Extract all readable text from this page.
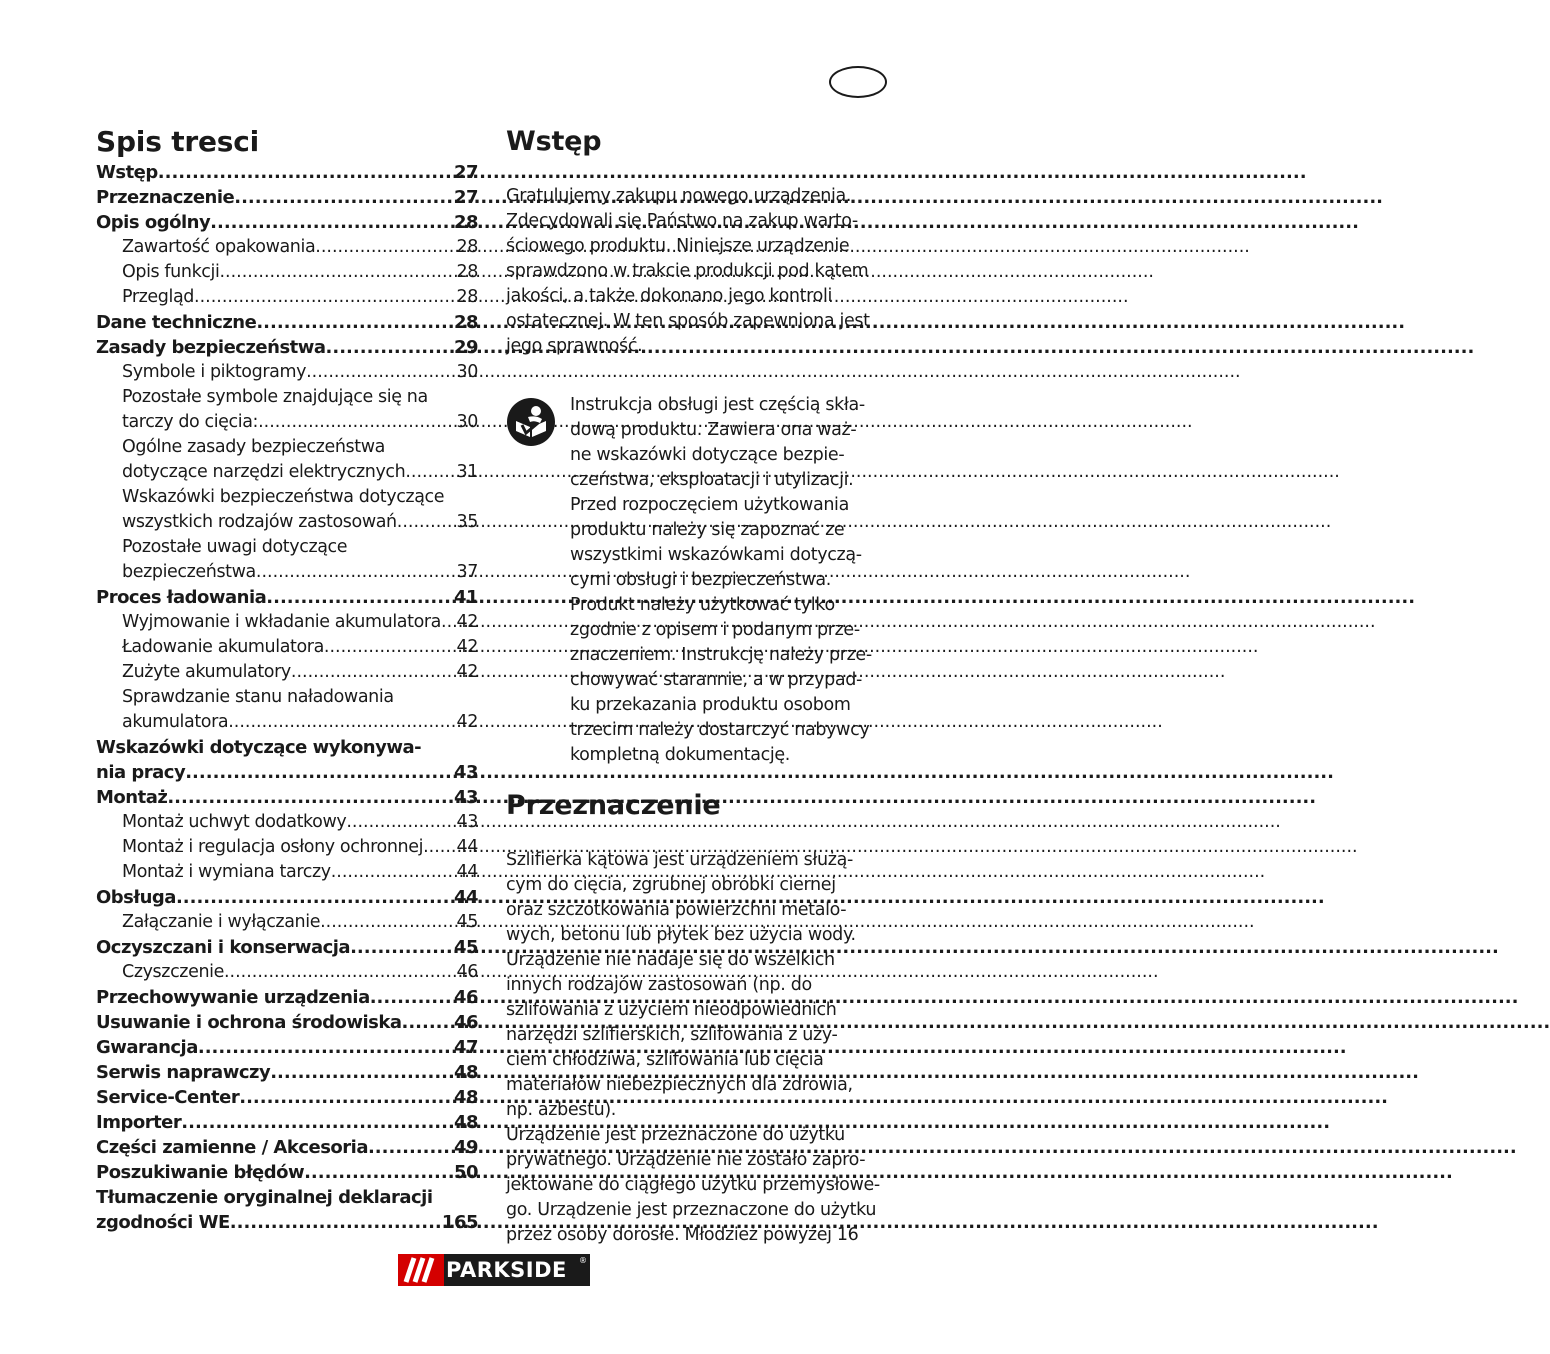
Spis tresci
Wstęp .....	27
Przeznaczenie .....	27
Opis ogólny .....	28
Zawartość opakowania .....	28
Opis funkcji .....	28
Przegląd .....	28
Dane techniczne .....	28
Zasady bezpieczeństwa .....	29
Symbole i piktogramy .....	30
Pozostałe symbole znajdujące się na
tarczy do cięcia: .....	30
Ogólne zasady bezpieczeństwa
dotyczące narzędzi elektrycznych .....	31
Wskazówki bezpieczeństwa dotyczące
wszystkich rodzajów zastosowań .....	35
Pozostałe uwagi dotyczące
bezpieczeństwa .....	37
Proces ładowania .....	41
Wyjmowanie i wkładanie akumulatora ..... 42
Ładowanie akumulatora .....	42
Zużyte akumulatory .....	42
Sprawdzanie stanu naładowania
akumulatora .....	42
Wskazówki dotyczące wykonywa-
nia pracy .....	43
Montaż .....	43
Montaż uchwyt dodatkowy .....	43
Montaż i regulacja osłony ochronnej ..... 44
Montaż i wymiana tarczy .....	44
Obsługa .....	44
Załączanie i wyłączanie .....	45
Oczyszczani i konserwacja .....	45
Czyszczenie .....	46
Przechowywanie urządzenia .....	46
Usuwanie i ochrona środowiska .....	46
Gwarancja .....	47
Serwis naprawczy .....	48
Service-Center .....	48
Importer .....	48
Części zamienne / Akcesoria .....	49
Poszukiwanie błędów .....	50
Tłumaczenie oryginalnej deklaracji
zgodności WE .....	165
Wstęp
Gratulujemy zakupu nowego urządzenia.
Zdecydowali się Państwo na zakup warto-
ściowego produktu. Niniejsze urządzenie
sprawdzono w trakcie produkcji pod kątem
jakości, a także dokonano jego kontroli
ostatecznej. W ten sposób zapewniona jest
jego sprawność.
Instrukcja obsługi jest częścią skła-
dową produktu. Zawiera ona waż-
ne wskazówki dotyczące bezpie-
czeństwa, eksploatacji i utylizacji.
Przed rozpoczęciem użytkowania
produktu należy się zapoznać ze
wszystkimi wskazówkami dotyczą-
cymi obsługi i bezpieczeństwa.
Produkt należy użytkować tylko
zgodnie z opisem i podanym prze-
znaczeniem. Instrukcję należy prze-
chowywać starannie, a w przypad-
ku przekazania produktu osobom
trzecim należy dostarczyć nabywcy
kompletną dokumentację.
Przeznaczenie
Szlifierka kątowa jest urządzeniem służą-
cym do cięcia, zgrubnej obróbki ciernej
oraz szczotkowania powierzchni metalo-
wych, betonu lub płytek bez użycia wody.
Urządzenie nie nadaje się do wszelkich
innych rodzajów zastosowań (np. do
szlifowania z użyciem nieodpowiednich
narzędzi szlifierskich, szlifowania z uży-
ciem chłodziwa, szlifowania lub cięcia
materiałów niebezpiecznych dla zdrowia,
np. azbestu).
Urządzenie jest przeznaczone do użytku
prywatnego. Urządzenie nie zostało zapro-
jektowane do ciągłego użytku przemysłowe-
go. Urządzenie jest przeznaczone do użytku
przez osoby dorosłe. Młodzież powyżej 16
PARKSIDE ®
